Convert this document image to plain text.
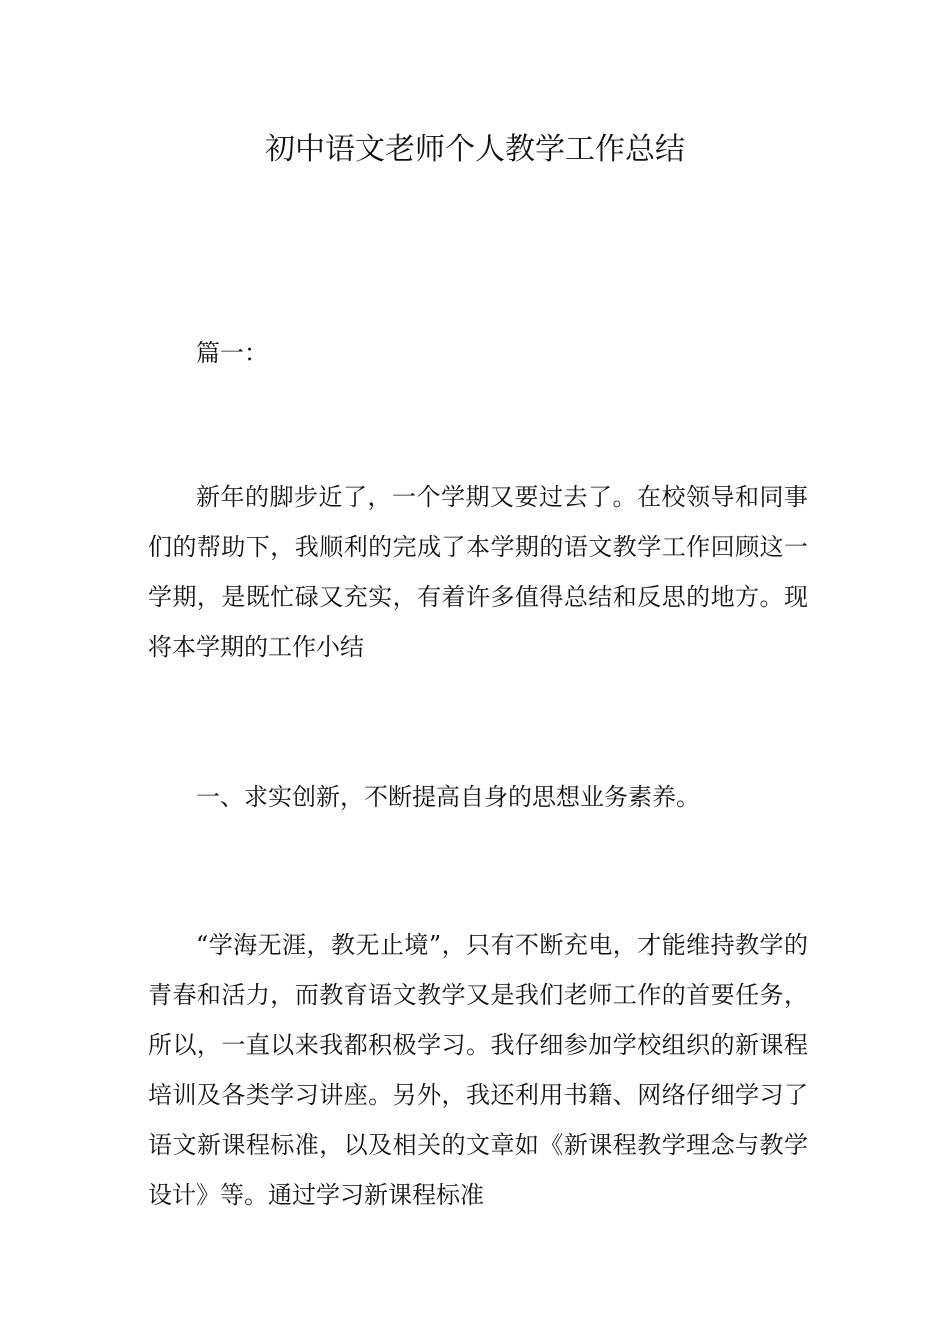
初中语文老师个人教学工作总结

篇一：

新年的脚步近了，一个学期又要过去了。在校领导和同事们的帮助下，我顺利的完成了本学期的语文教学工作回顾这一学期，是既忙碌又充实，有着许多值得总结和反思的地方。现将本学期的工作小结

一、求实创新，不断提高自身的思想业务素养。

“学海无涯，教无止境”，只有不断充电，才能维持教学的青春和活力，而教育语文教学又是我们老师工作的首要任务，所以，一直以来我都积极学习。我仔细参加学校组织的新课程培训及各类学习讲座。另外，我还利用书籍、网络仔细学习了语文新课程标准，以及相关的文章如《新课程教学理念与教学设计》等。通过学习新课程标准
